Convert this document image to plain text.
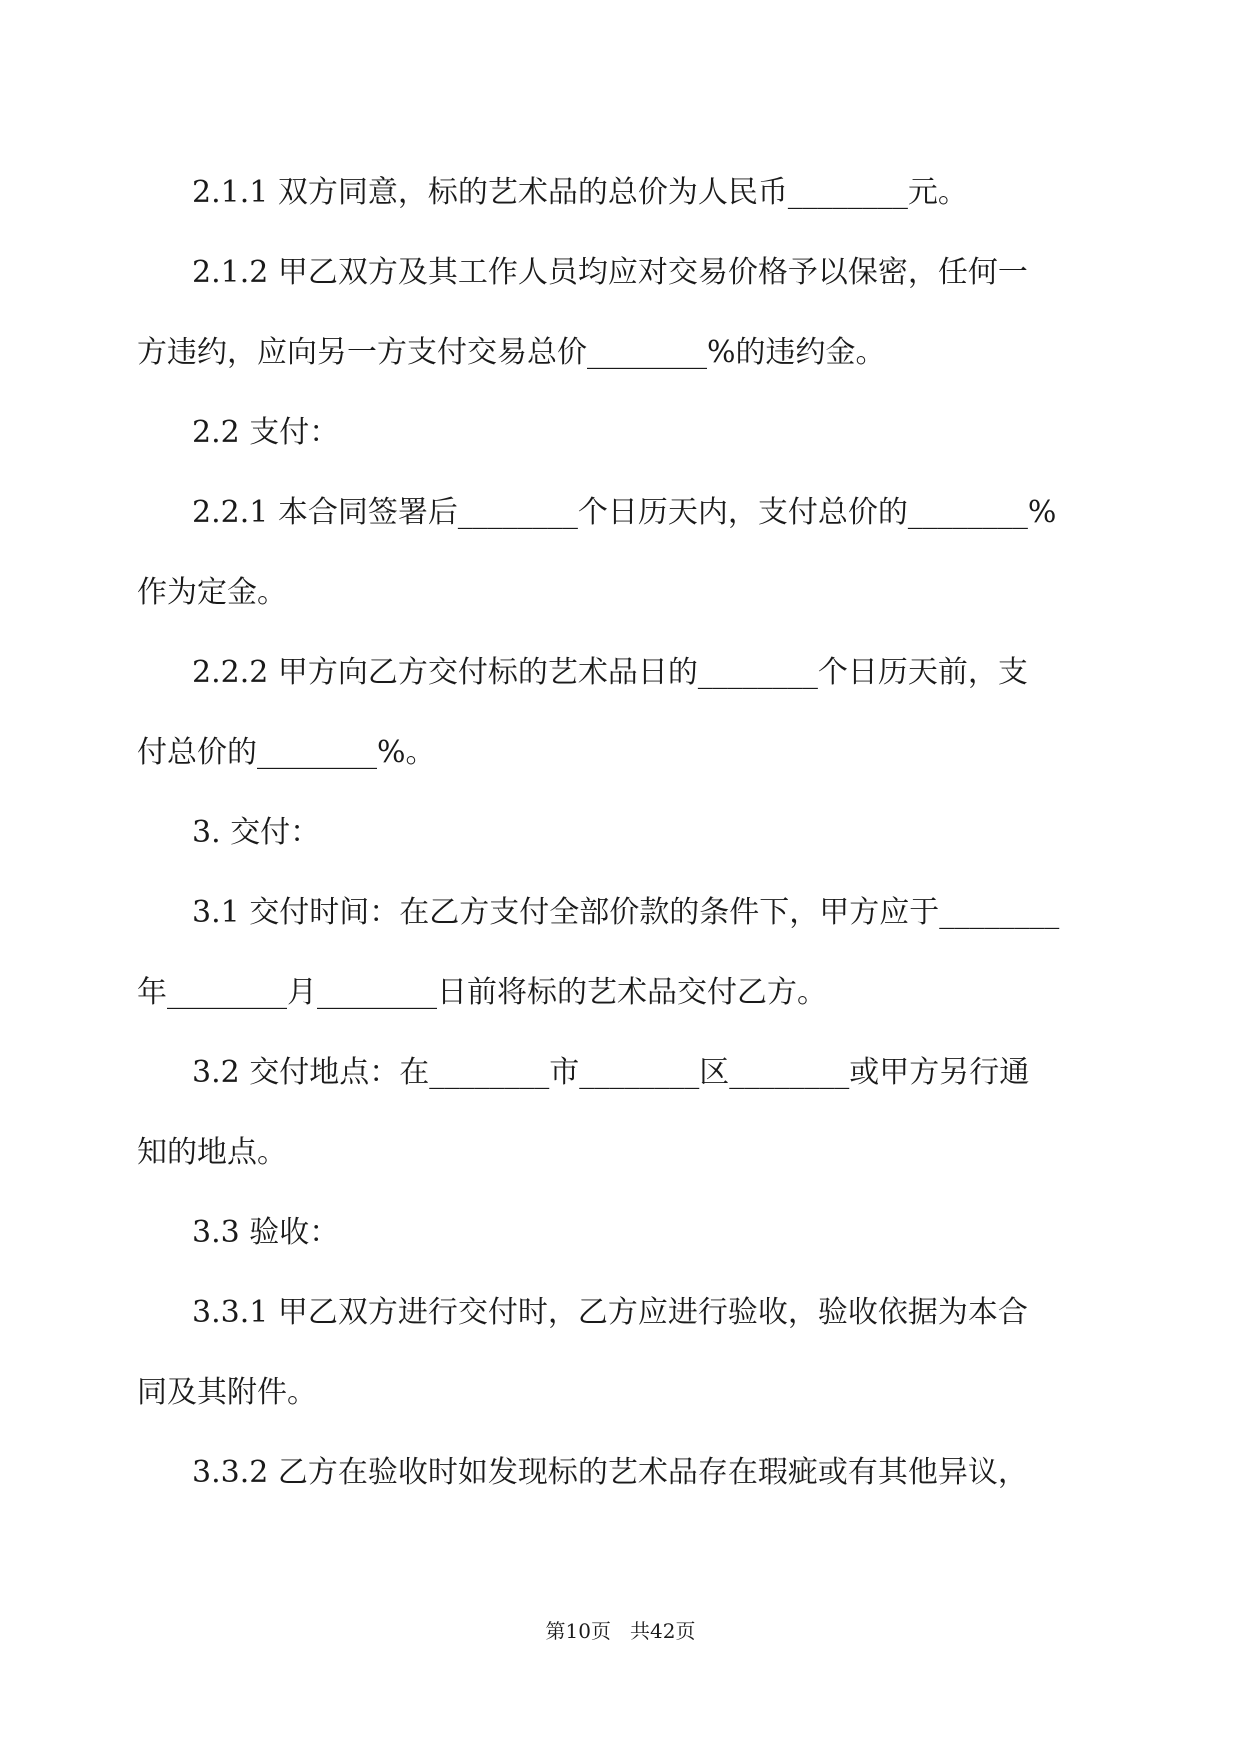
2.1.1 双方同意，标的艺术品的总价为人民币________元。
2.1.2 甲乙双方及其工作人员均应对交易价格予以保密，任何一
方违约，应向另一方支付交易总价________%的违约金。
2.2 支付：
2.2.1 本合同签署后________个日历天内，支付总价的________%
作为定金。
2.2.2 甲方向乙方交付标的艺术品日的________个日历天前，支
付总价的________%。
3. 交付：
3.1 交付时间：在乙方支付全部价款的条件下，甲方应于________
年________月________日前将标的艺术品交付乙方。
3.2 交付地点：在________市________区________或甲方另行通
知的地点。
3.3 验收：
3.3.1 甲乙双方进行交付时，乙方应进行验收，验收依据为本合
同及其附件。
3.3.2 乙方在验收时如发现标的艺术品存在瑕疵或有其他异议，
第10页   共42页
